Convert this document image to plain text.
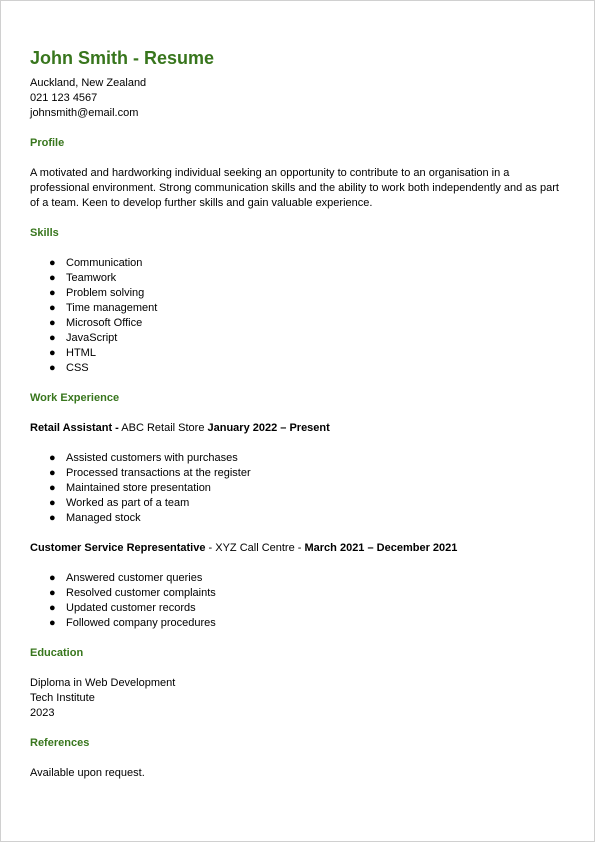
John Smith - Resume
Auckland, New Zealand
021 123 4567
johnsmith@email.com
Profile

A motivated and hardworking individual seeking an opportunity to contribute to an organisation in a professional environment. Strong communication skills and the ability to work both independently and as part of a team. Keen to develop further skills and gain valuable experience.

Skills
● Communication
● Teamwork
● Problem solving
● Time management
● Microsoft Office
● JavaScript
● HTML
● CSS
Work Experience
Retail Assistant - ABC Retail Store January 2022 – Present
● Assisted customers with purchases
● Processed transactions at the register
● Maintained store presentation
● Worked as part of a team
● Managed stock
Customer Service Representative - XYZ Call Centre - March 2021 – December 2021
● Answered customer queries
● Resolved customer complaints
● Updated customer records
● Followed company procedures
Education
Diploma in Web Development
Tech Institute
2023
References
Available upon request.
